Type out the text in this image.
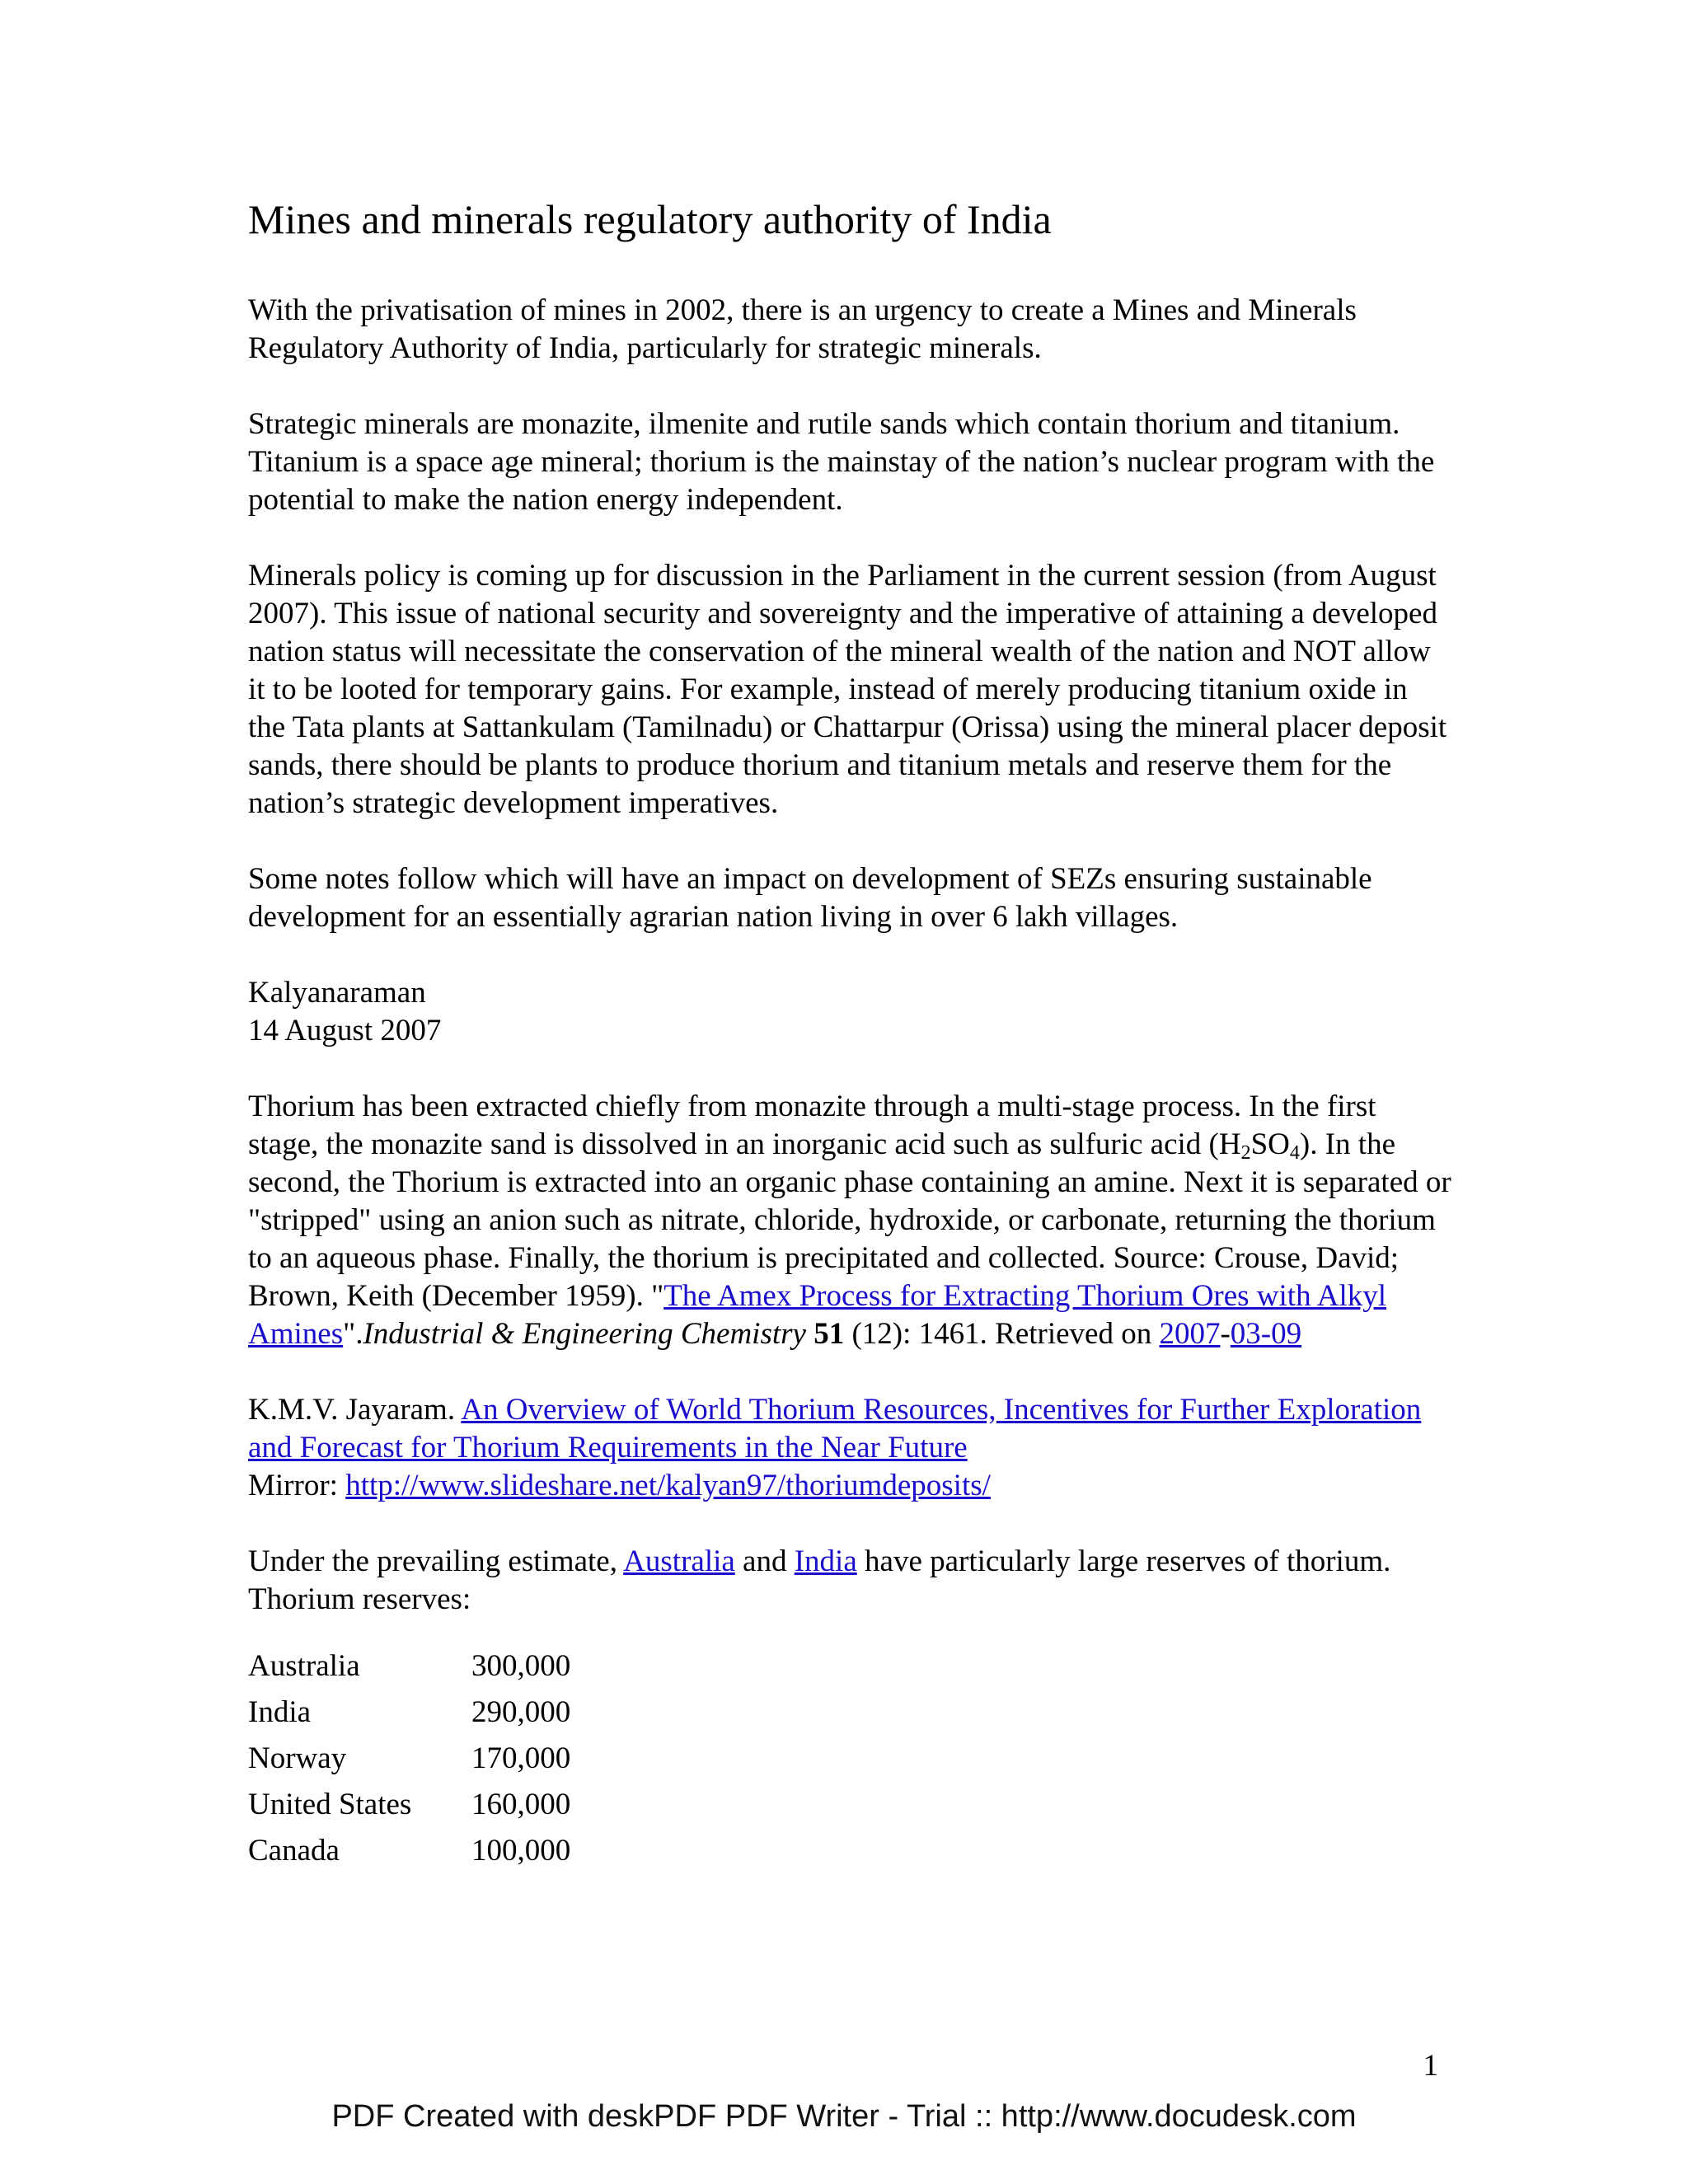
Mines and minerals regulatory authority of India

With the privatisation of mines in 2002, there is an urgency to create a Mines and Minerals Regulatory Authority of India, particularly for strategic minerals.

Strategic minerals are monazite, ilmenite and rutile sands which contain thorium and titanium. Titanium is a space age mineral; thorium is the mainstay of the nation’s nuclear program with the potential to make the nation energy independent.

Minerals policy is coming up for discussion in the Parliament in the current session (from August 2007). This issue of national security and sovereignty and the imperative of attaining a developed nation status will necessitate the conservation of the mineral wealth of the nation and NOT allow it to be looted for temporary gains. For example, instead of merely producing titanium oxide in the Tata plants at Sattankulam (Tamilnadu) or Chattarpur (Orissa) using the mineral placer deposit sands, there should be plants to produce thorium and titanium metals and reserve them for the nation’s strategic development imperatives.

Some notes follow which will have an impact on development of SEZs ensuring sustainable development for an essentially agrarian nation living in over 6 lakh villages.

Kalyanaraman
14 August 2007

Thorium has been extracted chiefly from monazite through a multi-stage process. In the first stage, the monazite sand is dissolved in an inorganic acid such as sulfuric acid $(H_2SO_4)$. In the second, the Thorium is extracted into an organic phase containing an amine. Next it is separated or "stripped" using an anion such as nitrate, chloride, hydroxide, or carbonate, returning the thorium to an aqueous phase. Finally, the thorium is precipitated and collected. Source: Crouse, David; Brown, Keith (December 1959). "The Amex Process for Extracting Thorium Ores with Alkyl Amines".Industrial & Engineering Chemistry 51 (12): 1461. Retrieved on 2007-03-09

K.M.V. Jayaram. An Overview of World Thorium Resources, Incentives for Further Exploration and Forecast for Thorium Requirements in the Near Future
Mirror: http://www.slideshare.net/kalyan97/thoriumdeposits/

Under the prevailing estimate, Australia and India have particularly large reserves of thorium. Thorium reserves:

Australia	300,000
India	290,000
Norway	170,000
United States	160,000
Canada	100,000
1
PDF Created with deskPDF PDF Writer - Trial :: http://www.docudesk.com
